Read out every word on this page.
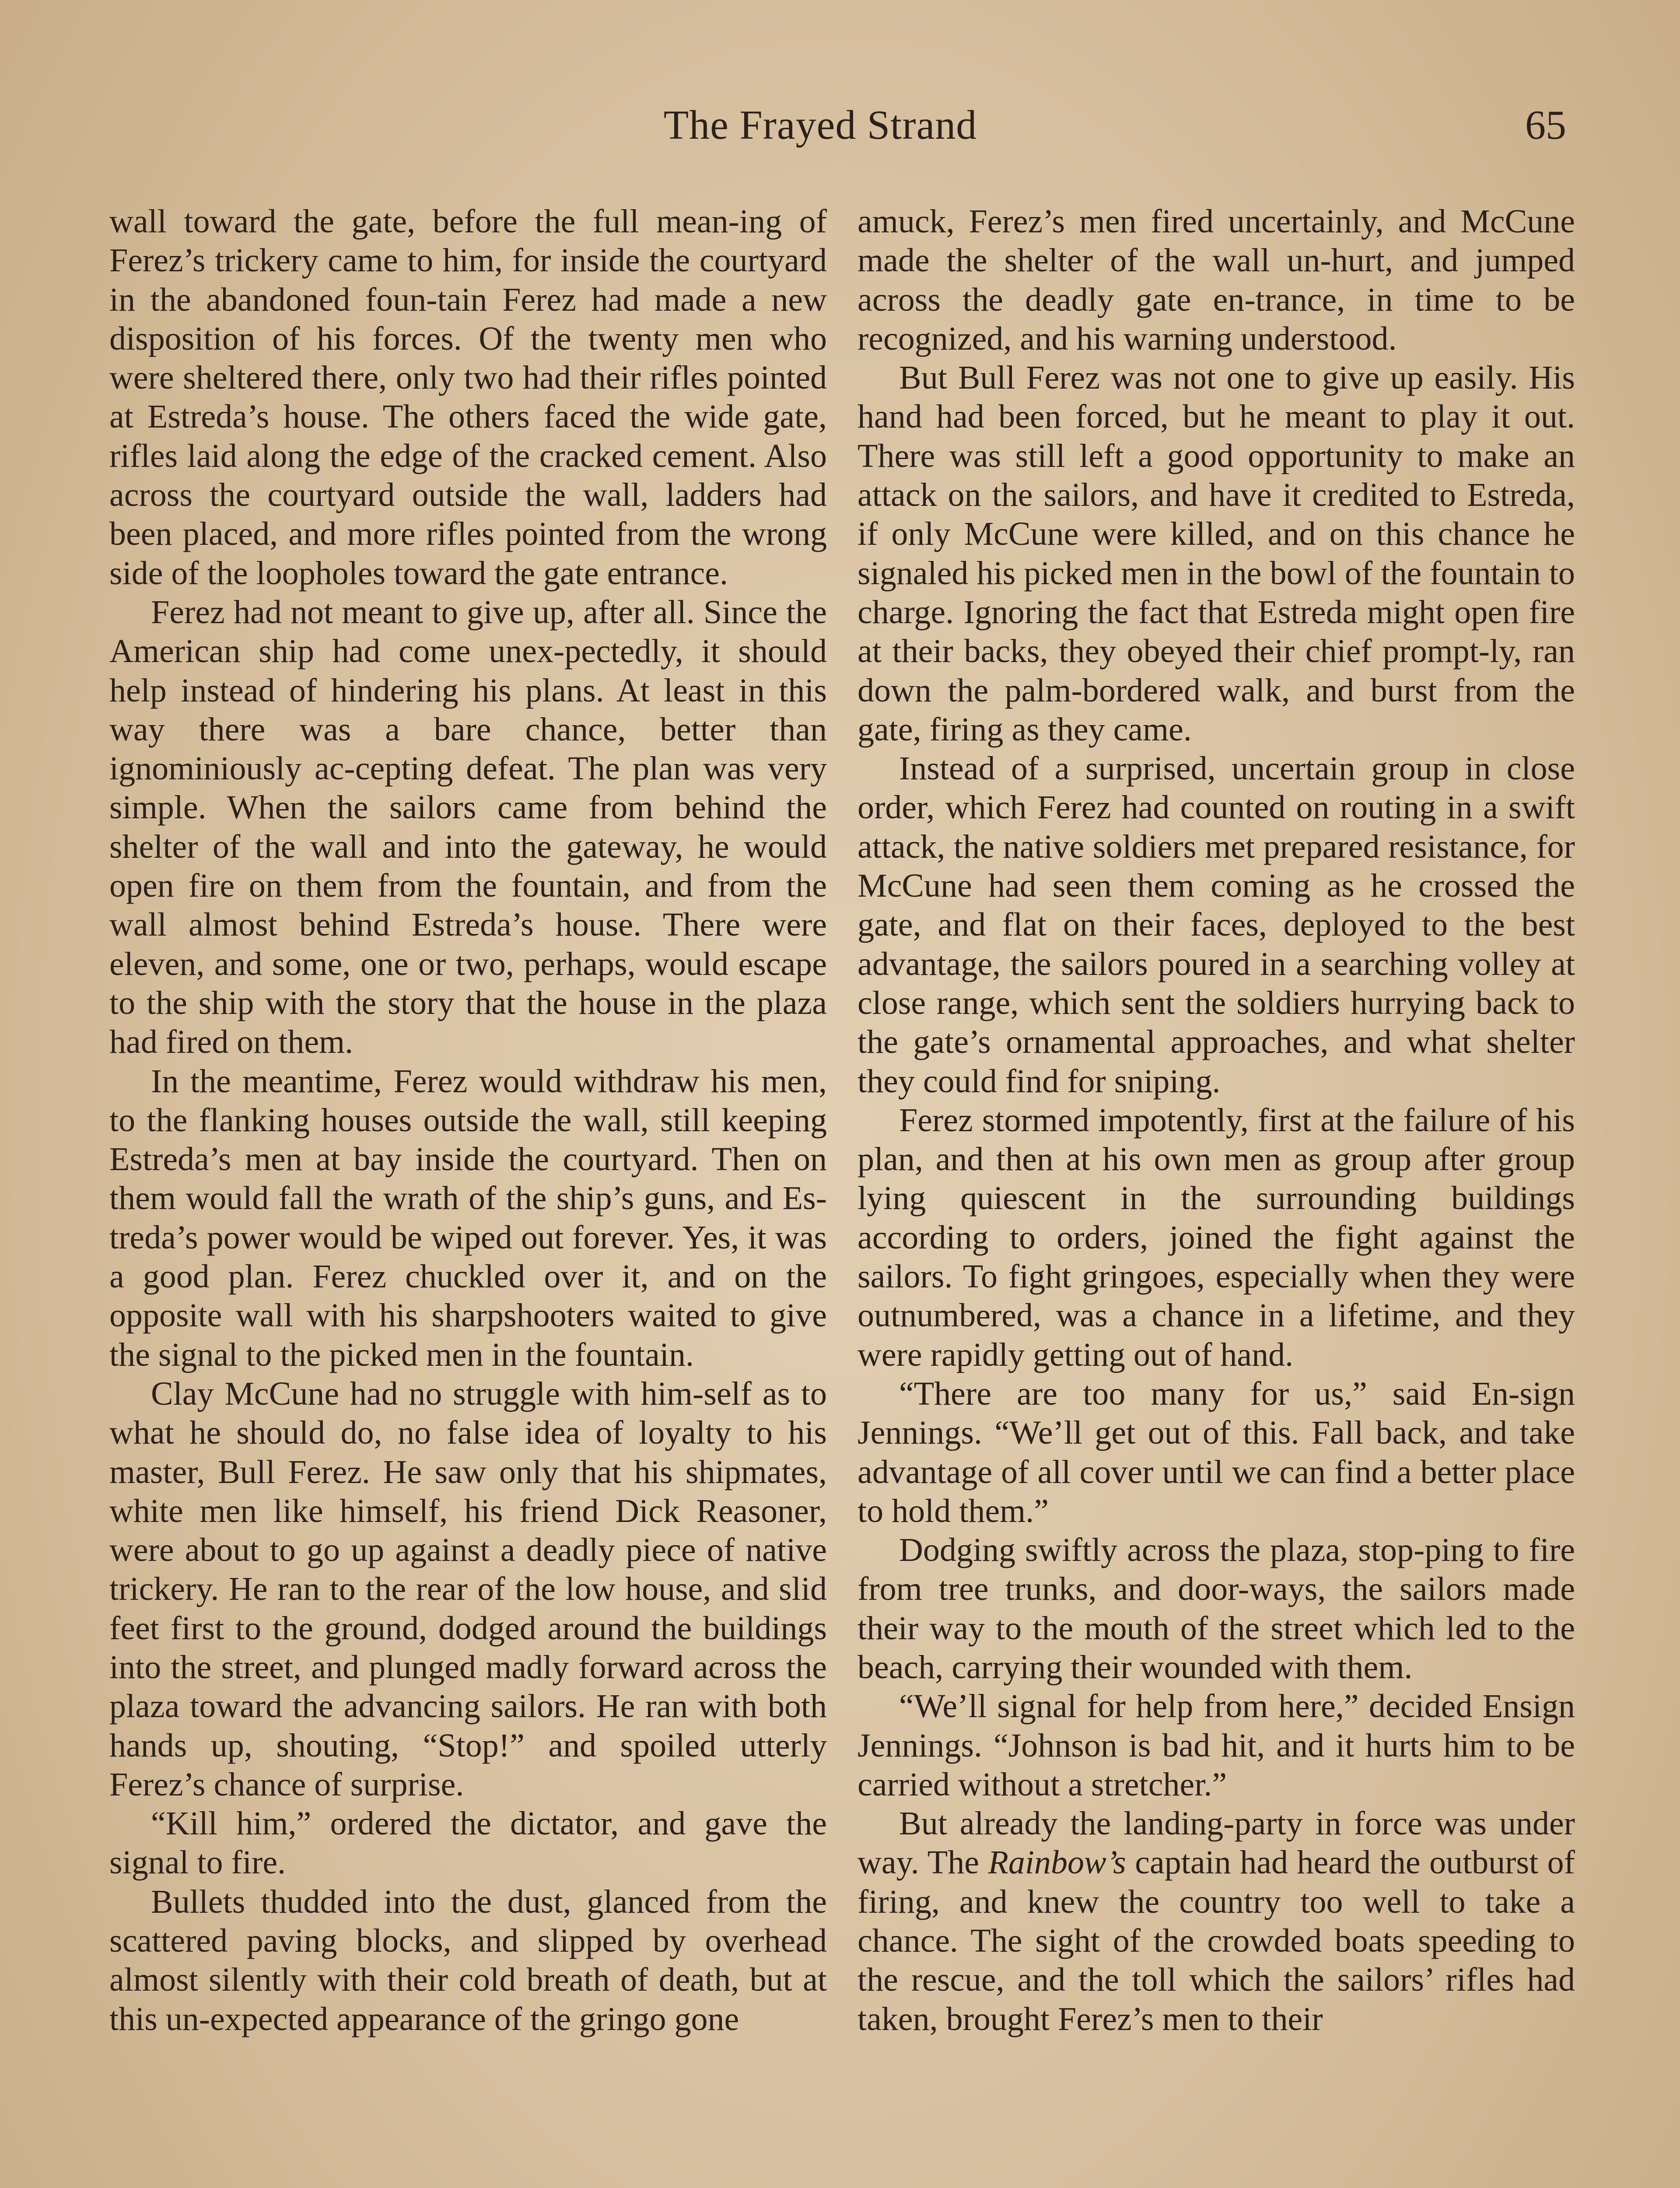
The Frayed Strand	65

wall toward the gate, before the full mean-ing of Ferez’s trickery came to him, for inside the courtyard in the abandoned foun-tain Ferez had made a new disposition of his forces. Of the twenty men who were sheltered there, only two had their rifles pointed at Estreda’s house. The others faced the wide gate, rifles laid along the edge of the cracked cement. Also across the courtyard outside the wall, ladders had been placed, and more rifles pointed from the wrong side of the loopholes toward the gate entrance.

Ferez had not meant to give up, after all. Since the American ship had come unex-pectedly, it should help instead of hindering his plans. At least in this way there was a bare chance, better than ignominiously ac-cepting defeat. The plan was very simple. When the sailors came from behind the shelter of the wall and into the gateway, he would open fire on them from the fountain, and from the wall almost behind Estreda’s house. There were eleven, and some, one or two, perhaps, would escape to the ship with the story that the house in the plaza had fired on them.

In the meantime, Ferez would withdraw his men, to the flanking houses outside the wall, still keeping Estreda’s men at bay inside the courtyard. Then on them would fall the wrath of the ship’s guns, and Es-treda’s power would be wiped out forever. Yes, it was a good plan. Ferez chuckled over it, and on the opposite wall with his sharpshooters waited to give the signal to the picked men in the fountain.

Clay McCune had no struggle with him-self as to what he should do, no false idea of loyalty to his master, Bull Ferez. He saw only that his shipmates, white men like himself, his friend Dick Reasoner, were about to go up against a deadly piece of native trickery. He ran to the rear of the low house, and slid feet first to the ground, dodged around the buildings into the street, and plunged madly forward across the plaza toward the advancing sailors. He ran with both hands up, shouting, “Stop!” and spoiled utterly Ferez’s chance of surprise.

“Kill him,” ordered the dictator, and gave the signal to fire.

Bullets thudded into the dust, glanced from the scattered paving blocks, and slipped by overhead almost silently with their cold breath of death, but at this un-expected appearance of the gringo gone

amuck, Ferez’s men fired uncertainly, and McCune made the shelter of the wall un-hurt, and jumped across the deadly gate en-trance, in time to be recognized, and his warning understood.

But Bull Ferez was not one to give up easily. His hand had been forced, but he meant to play it out. There was still left a good opportunity to make an attack on the sailors, and have it credited to Estreda, if only McCune were killed, and on this chance he signaled his picked men in the bowl of the fountain to charge. Ignoring the fact that Estreda might open fire at their backs, they obeyed their chief prompt-ly, ran down the palm-bordered walk, and burst from the gate, firing as they came.

Instead of a surprised, uncertain group in close order, which Ferez had counted on routing in a swift attack, the native soldiers met prepared resistance, for McCune had seen them coming as he crossed the gate, and flat on their faces, deployed to the best advantage, the sailors poured in a searching volley at close range, which sent the soldiers hurrying back to the gate’s ornamental approaches, and what shelter they could find for sniping.

Ferez stormed impotently, first at the failure of his plan, and then at his own men as group after group lying quiescent in the surrounding buildings according to orders, joined the fight against the sailors. To fight gringoes, especially when they were outnumbered, was a chance in a lifetime, and they were rapidly getting out of hand.

“There are too many for us,” said En-sign Jennings. “We’ll get out of this. Fall back, and take advantage of all cover until we can find a better place to hold them.”

Dodging swiftly across the plaza, stop-ping to fire from tree trunks, and door-ways, the sailors made their way to the mouth of the street which led to the beach, carrying their wounded with them.

“We’ll signal for help from here,” decided Ensign Jennings. “Johnson is bad hit, and it hurts him to be carried without a stretcher.”

But already the landing-party in force was under way. The Rainbow’s captain had heard the outburst of firing, and knew the country too well to take a chance. The sight of the crowded boats speeding to the rescue, and the toll which the sailors’ rifles had taken, brought Ferez’s men to their
